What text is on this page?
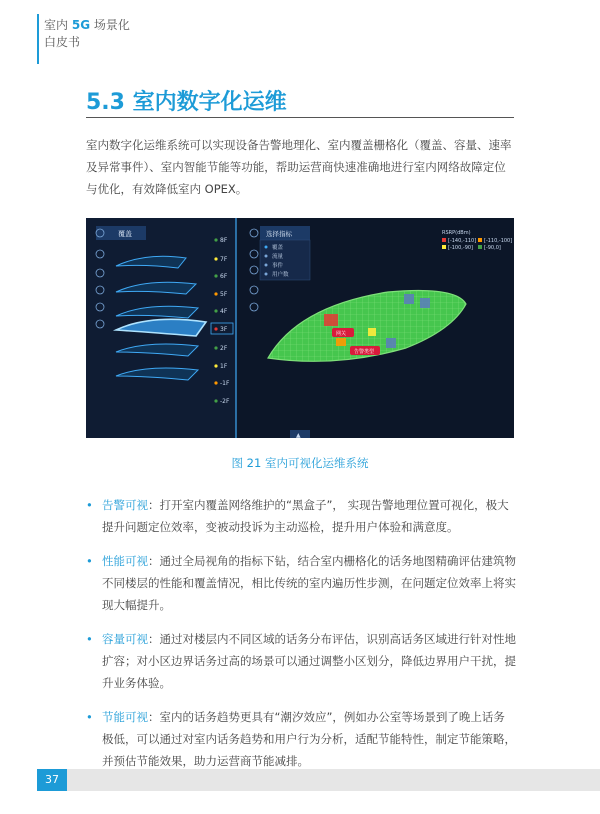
室内 5G 场景化
白皮书
5.3 室内数字化运维
室内数字化运维系统可以实现设备告警地理化、室内覆盖栅格化（覆盖、容量、速率及异常事件）、室内智能节能等功能，帮助运营商快速准确地进行室内网络故障定位与优化，有效降低室内 OPEX。
覆盖
8F
7F
6F
5F
4F
3F
2F
1F
-1F
-2F
选择指标
覆盖
流量
事件
用户数
RSRP(dBm)
[-140,-110] [-110,-100]
[-100,-90] [-90,0]
网关
告警类型
▲
图 21 室内可视化运维系统
• 告警可视：打开室内覆盖网络维护的“黑盒子”， 实现告警地理位置可视化，极大提升问题定位效率，变被动投诉为主动巡检，提升用户体验和满意度。
• 性能可视：通过全局视角的指标下钻，结合室内栅格化的话务地图精确评估建筑物不同楼层的性能和覆盖情况，相比传统的室内遍历性步测，在问题定位效率上将实现大幅提升。
• 容量可视：通过对楼层内不同区域的话务分布评估，识别高话务区域进行针对性地扩容；对小区边界话务过高的场景可以通过调整小区划分，降低边界用户干扰，提升业务体验。
• 节能可视：室内的话务趋势更具有“潮汐效应”，例如办公室等场景到了晚上话务极低，可以通过对室内话务趋势和用户行为分析，适配节能特性，制定节能策略，并预估节能效果，助力运营商节能减排。
37
